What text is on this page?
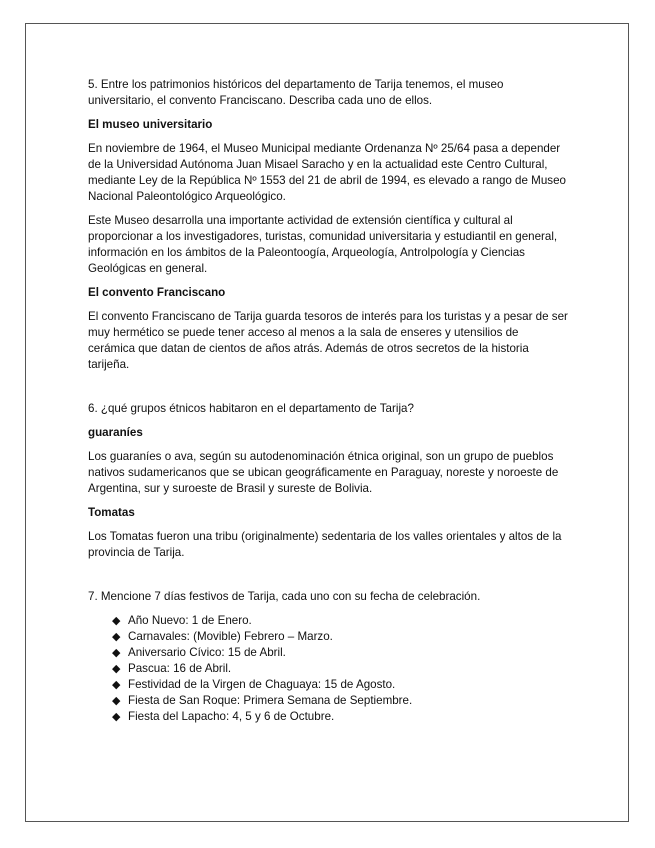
5. Entre los patrimonios históricos del departamento de Tarija tenemos, el museo universitario, el convento Franciscano. Describa cada uno de ellos.

El museo universitario

En noviembre de 1964, el Museo Municipal mediante Ordenanza Nº 25/64 pasa a depender de la Universidad Autónoma Juan Misael Saracho y en la actualidad este Centro Cultural, mediante Ley de la República Nº 1553 del 21 de abril de 1994, es elevado a rango de Museo Nacional Paleontológico Arqueológico.

Este Museo desarrolla una importante actividad de extensión científica y cultural al proporcionar a los investigadores, turistas, comunidad universitaria y estudiantil en general, información en los ámbitos de la Paleontoogía, Arqueología, Antrolpología y Ciencias Geológicas en general.

El convento Franciscano

El convento Franciscano de Tarija guarda tesoros de interés para los turistas y a pesar de ser muy hermético se puede tener acceso al menos a la sala de enseres y utensilios de cerámica que datan de cientos de años atrás. Además de otros secretos de la historia tarijeña.

6. ¿qué grupos étnicos habitaron en el departamento de Tarija?

guaraníes

Los guaraníes o ava, según su autodenominación étnica original, son un grupo de pueblos nativos sudamericanos que se ubican geográficamente en Paraguay, noreste y noroeste de Argentina, sur y suroeste de Brasil y sureste de Bolivia.

Tomatas

Los Tomatas fueron una tribu (originalmente) sedentaria de los valles orientales y altos de la provincia de Tarija.

7. Mencione 7 días festivos de Tarija, cada uno con su fecha de celebración.

◆ Año Nuevo: 1 de Enero.
◆ Carnavales: (Movible) Febrero – Marzo.
◆ Aniversario Cívico: 15 de Abril.
◆ Pascua: 16 de Abril.
◆ Festividad de la Virgen de Chaguaya: 15 de Agosto.
◆ Fiesta de San Roque: Primera Semana de Septiembre.
◆ Fiesta del Lapacho: 4, 5 y 6 de Octubre.
